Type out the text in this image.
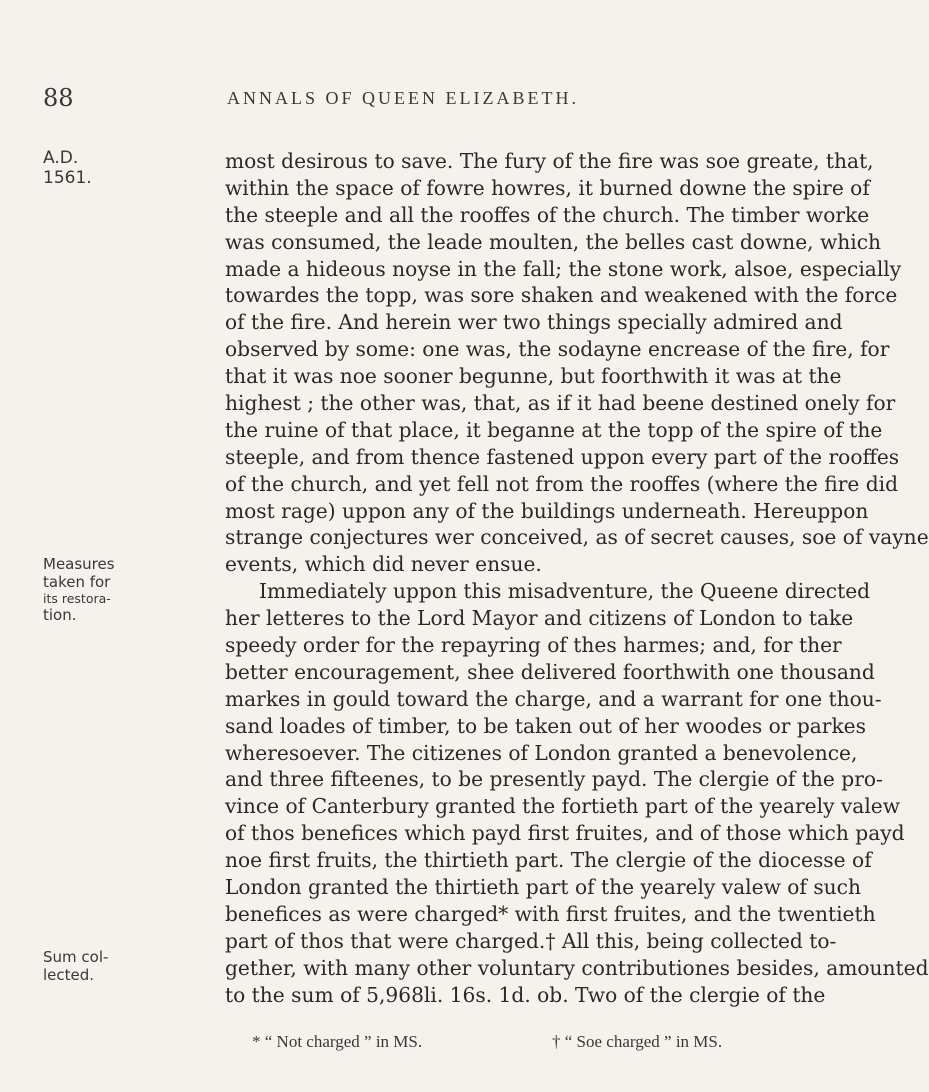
88	ANNALS OF QUEEN ELIZABETH.
A.D.
1561.
Measures
taken for
its restora-
tion.
Sum col-
lected.
most desirous to save. The fury of the fire was soe greate, that,
within the space of fowre howres, it burned downe the spire of
the steeple and all the rooffes of the church. The timber worke
was consumed, the leade moulten, the belles cast downe, which
made a hideous noyse in the fall; the stone work, alsoe, especially
towardes the topp, was sore shaken and weakened with the force
of the fire. And herein wer two things specially admired and
observed by some: one was, the sodayne encrease of the fire, for
that it was noe sooner begunne, but foorthwith it was at the
highest ; the other was, that, as if it had beene destined onely for
the ruine of that place, it beganne at the topp of the spire of the
steeple, and from thence fastened uppon every part of the rooffes
of the church, and yet fell not from the rooffes (where the fire did
most rage) uppon any of the buildings underneath. Hereuppon
strange conjectures wer conceived, as of secret causes, soe of vayne
events, which did never ensue.
Immediately uppon this misadventure, the Queene directed
her letteres to the Lord Mayor and citizens of London to take
speedy order for the repayring of thes harmes; and, for ther
better encouragement, shee delivered foorthwith one thousand
markes in gould toward the charge, and a warrant for one thou-
sand loades of timber, to be taken out of her woodes or parkes
wheresoever. The citizenes of London granted a benevolence,
and three fifteenes, to be presently payd. The clergie of the pro-
vince of Canterbury granted the fortieth part of the yearely valew
of thos benefices which payd first fruites, and of those which payd
noe first fruits, the thirtieth part. The clergie of the diocesse of
London granted the thirtieth part of the yearely valew of such
benefices as were charged* with first fruites, and the twentieth
part of thos that were charged.† All this, being collected to-
gether, with many other voluntary contributiones besides, amounted
to the sum of 5,968li. 16s. 1d. ob. Two of the clergie of the
* “ Not charged ” in MS.	† “ Soe charged ” in MS.
